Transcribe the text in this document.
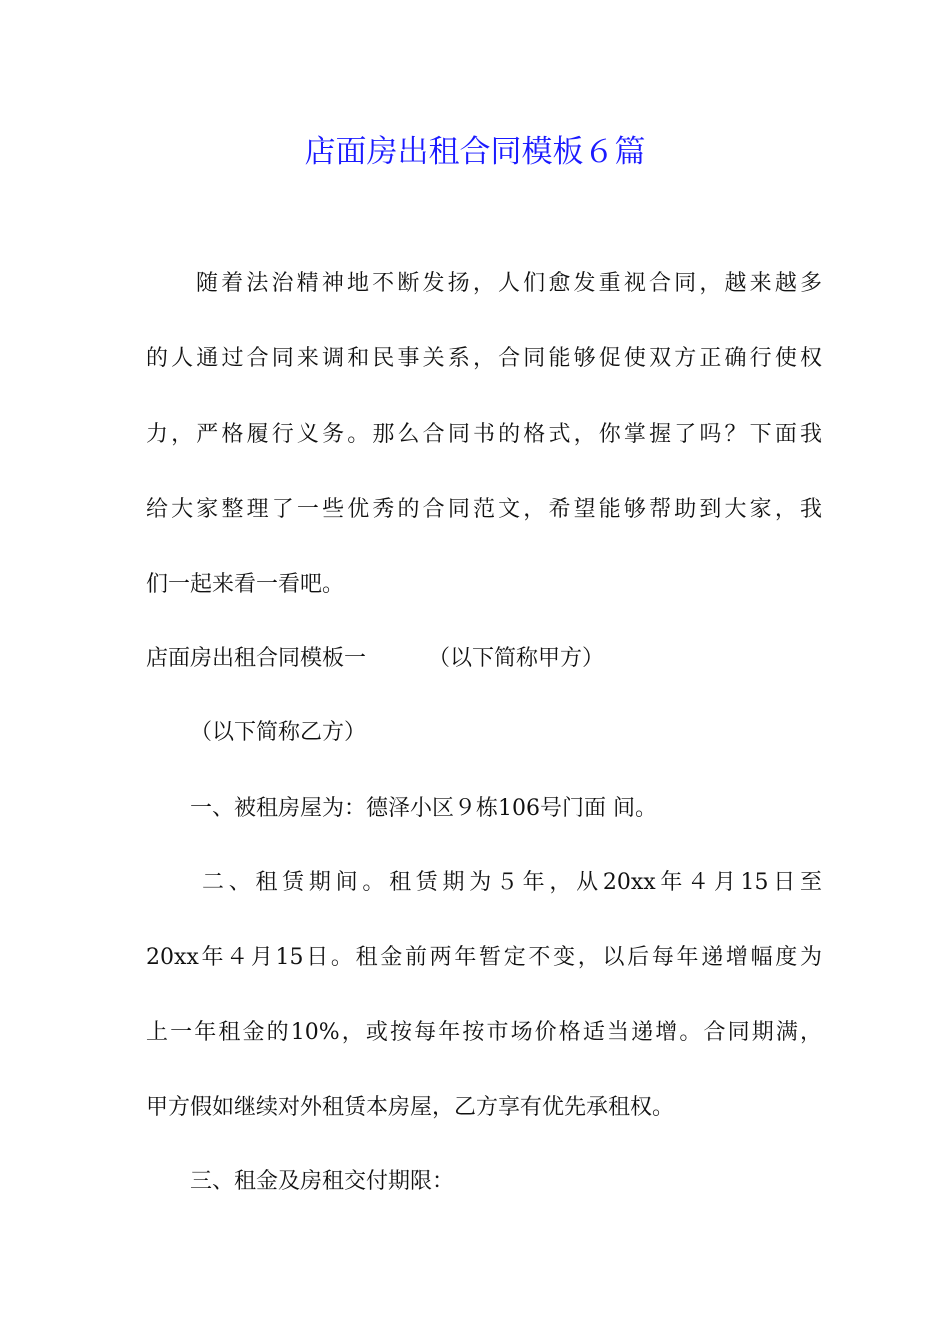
店面房出租合同模板６篇

随着法治精神地不断发扬，人们愈发重视合同，越来越多

的人通过合同来调和民事关系，合同能够促使双方正确行使权

力，严格履行义务。那么合同书的格式，你掌握了吗？下面我

给大家整理了一些优秀的合同范文，希望能够帮助到大家，我

们一起来看一看吧。

店面房出租合同模板一	（以下简称甲方）

（以下简称乙方）

一、被租房屋为：德泽小区９栋106号门面 间。

二、租赁期间。租赁期为５年，从20xx年４月15日至

20xx年４月15日。租金前两年暂定不变，以后每年递增幅度为

上一年租金的10%，或按每年按市场价格适当递增。合同期满，

甲方假如继续对外租赁本房屋，乙方享有优先承租权。

三、租金及房租交付期限：
